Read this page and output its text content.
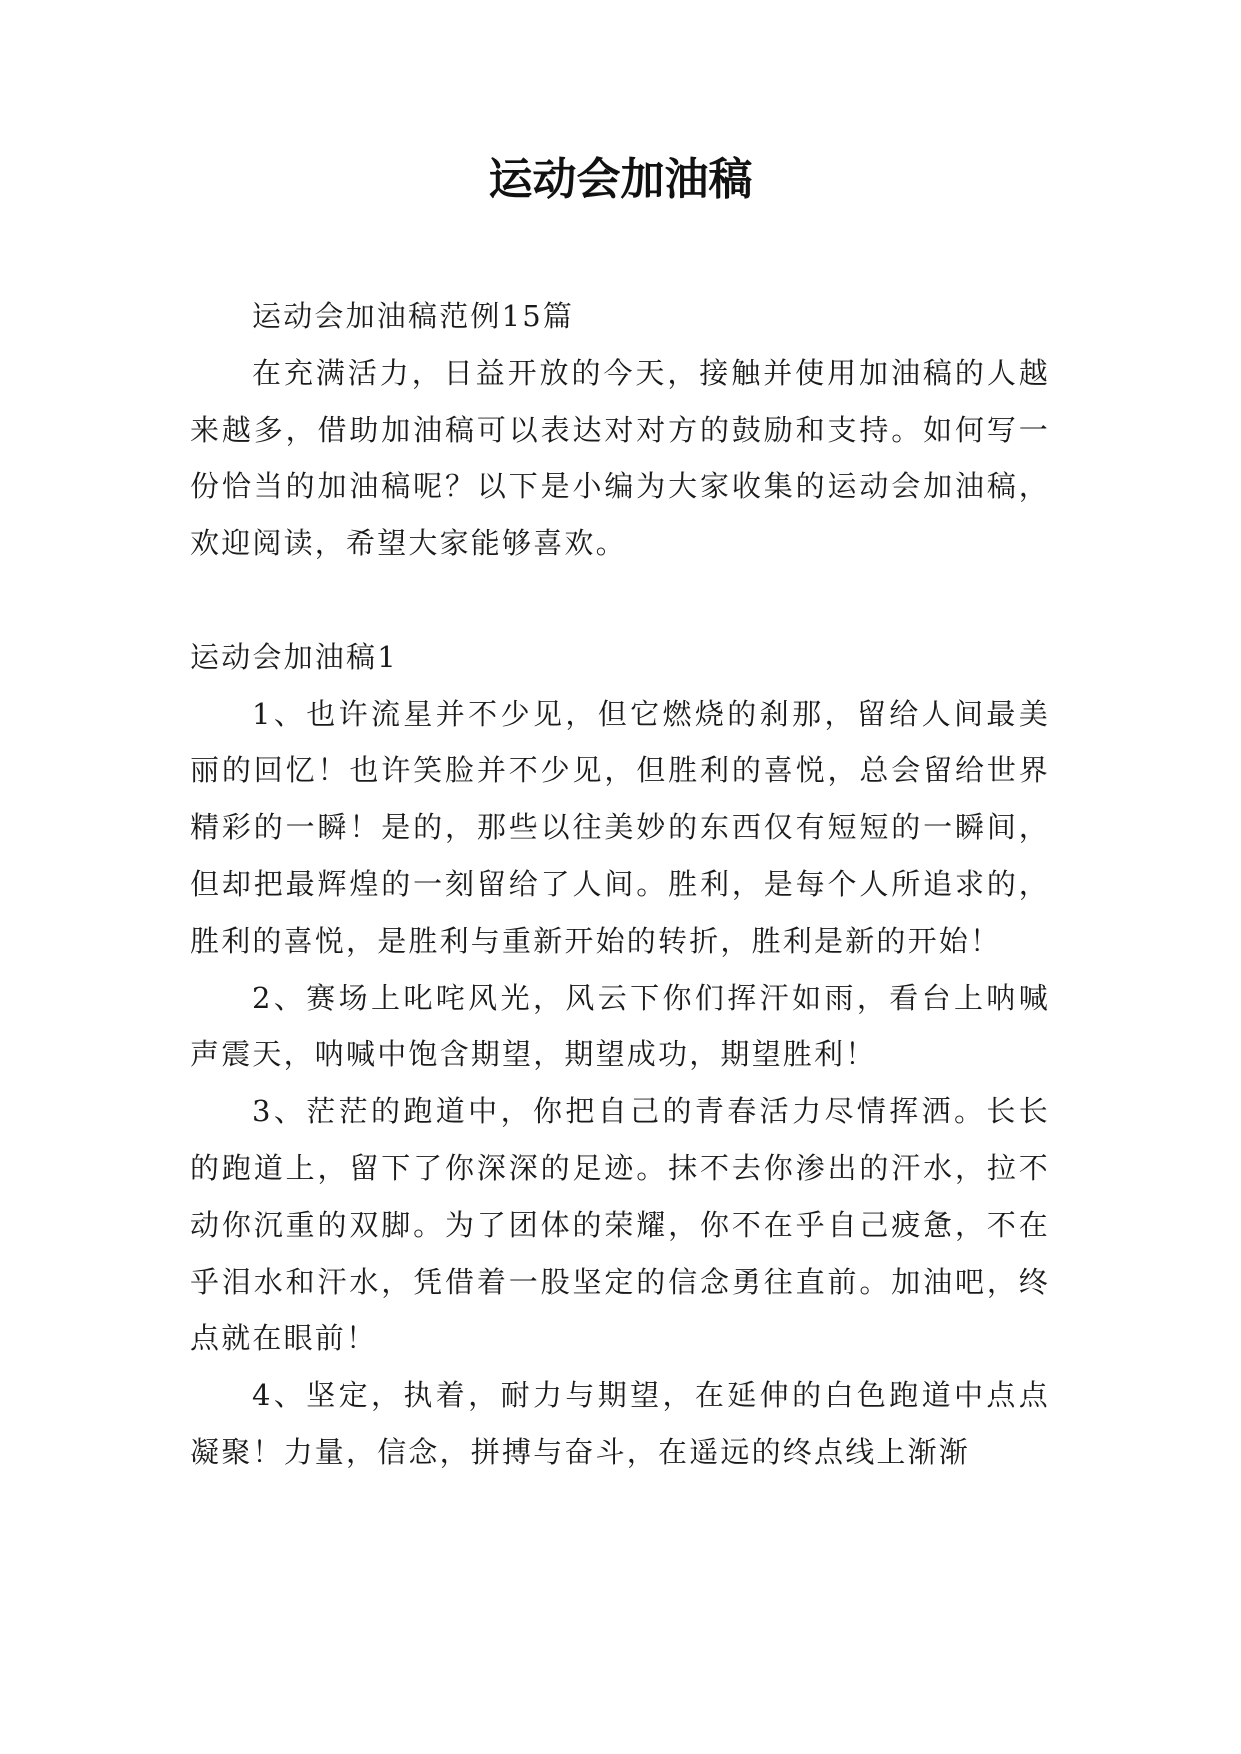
运动会加油稿

运动会加油稿范例15篇

在充满活力，日益开放的今天，接触并使用加油稿的人越来越多，借助加油稿可以表达对对方的鼓励和支持。如何写一份恰当的加油稿呢？以下是小编为大家收集的运动会加油稿，欢迎阅读，希望大家能够喜欢。

运动会加油稿1

1、也许流星并不少见，但它燃烧的刹那，留给人间最美丽的回忆！也许笑脸并不少见，但胜利的喜悦，总会留给世界精彩的一瞬！是的，那些以往美妙的东西仅有短短的一瞬间，但却把最辉煌的一刻留给了人间。胜利，是每个人所追求的，胜利的喜悦，是胜利与重新开始的转折，胜利是新的开始！

2、赛场上叱咤风光，风云下你们挥汗如雨，看台上呐喊声震天，呐喊中饱含期望，期望成功，期望胜利！

3、茫茫的跑道中，你把自己的青春活力尽情挥洒。长长的跑道上，留下了你深深的足迹。抹不去你渗出的汗水，拉不动你沉重的双脚。为了团体的荣耀，你不在乎自己疲惫，不在乎泪水和汗水，凭借着一股坚定的信念勇往直前。加油吧，终点就在眼前！

4、坚定，执着，耐力与期望，在延伸的白色跑道中点点凝聚！力量，信念，拼搏与奋斗，在遥远的终点线上渐渐
